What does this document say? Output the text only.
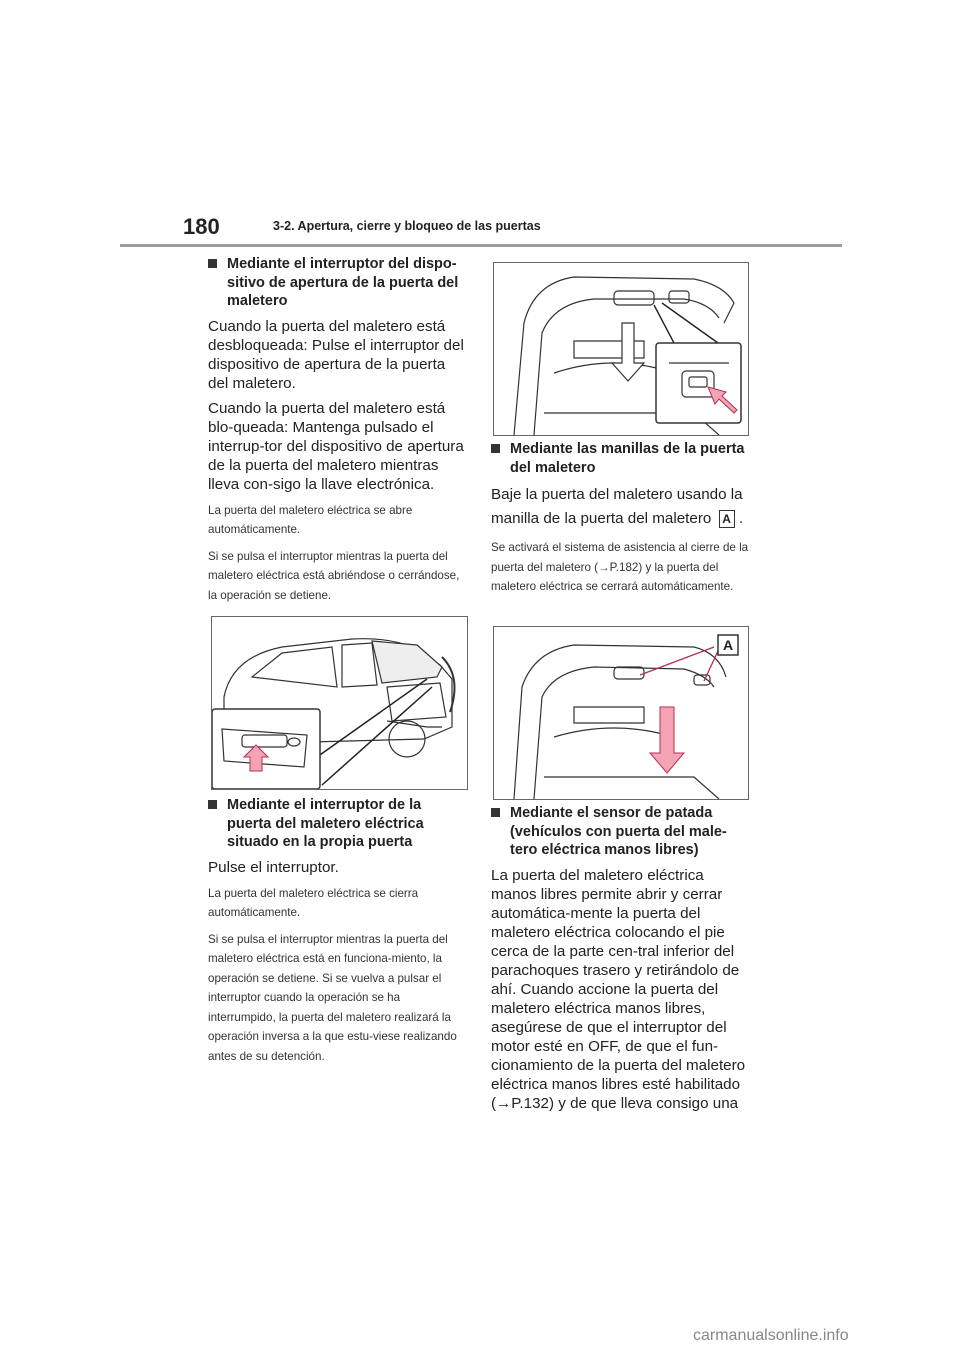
180	3-2. Apertura, cierre y bloqueo de las puertas
Mediante el interruptor del dispo-sitivo de apertura de la puerta del maletero

Cuando la puerta del maletero está desbloqueada: Pulse el interruptor del dispositivo de apertura de la puerta del maletero.

Cuando la puerta del maletero está blo-queada: Mantenga pulsado el interrup-tor del dispositivo de apertura de la puerta del maletero mientras lleva con-sigo la llave electrónica.

La puerta del maletero eléctrica se abre automáticamente.

Si se pulsa el interruptor mientras la puerta del maletero eléctrica está abriéndose o cerrándose, la operación se detiene.

Mediante el interruptor de la puerta del maletero eléctrica situado en la propia puerta

Pulse el interruptor.

La puerta del maletero eléctrica se cierra automáticamente.

Si se pulsa el interruptor mientras la puerta del maletero eléctrica está en funciona-miento, la operación se detiene. Si se vuelva a pulsar el interruptor cuando la operación se ha interrumpido, la puerta del maletero realizará la operación inversa a la que estu-viese realizando antes de su detención.

Mediante las manillas de la puerta del maletero

Baje la puerta del maletero usando la manilla de la puerta del maletero A .

Se activará el sistema de asistencia al cierre de la puerta del maletero (→P.182) y la puerta del maletero eléctrica se cerrará automáticamente.

A
Mediante el sensor de patada (vehículos con puerta del male-tero eléctrica manos libres)

La puerta del maletero eléctrica manos libres permite abrir y cerrar automática-mente la puerta del maletero eléctrica colocando el pie cerca de la parte cen-tral inferior del parachoques trasero y retirándolo de ahí. Cuando accione la puerta del maletero eléctrica manos libres, asegúrese de que el interruptor del motor esté en OFF, de que el fun-cionamiento de la puerta del maletero eléctrica manos libres esté habilitado (→P.132) y de que lleva consigo una

carmanualsonline.info
